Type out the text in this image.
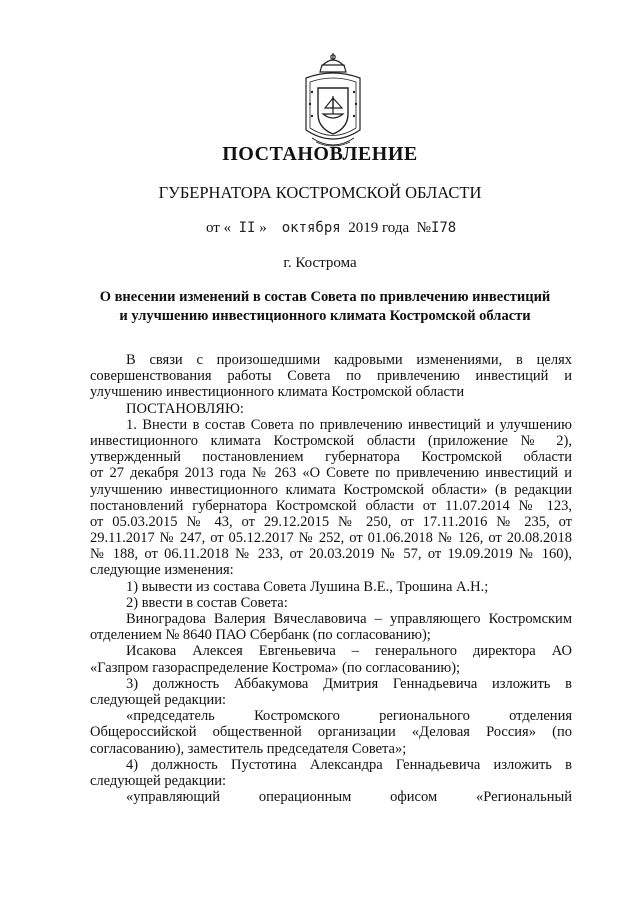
ПОСТАНОВЛЕНИЕ
ГУБЕРНАТОРА КОСТРОМСКОЙ ОБЛАСТИ
от « II » октября 2019 года №I78
г. Кострома
О внесении изменений в состав Совета по привлечению инвестиций
и улучшению инвестиционного климата Костромской области
В связи с произошедшими кадровыми изменениями, в целях
совершенствования работы Совета по привлечению инвестиций и
улучшению инвестиционного климата Костромской области
ПОСТАНОВЛЯЮ:
1. Внести в состав Совета по привлечению инвестиций и улучшению
инвестиционного климата Костромской области (приложение № 2),
утвержденный постановлением губернатора Костромской области
от 27 декабря 2013 года № 263 «О Совете по привлечению инвестиций и
улучшению инвестиционного климата Костромской области» (в редакции
постановлений губернатора Костромской области от 11.07.2014 № 123,
от 05.03.2015 № 43, от 29.12.2015 № 250, от 17.11.2016 № 235, от
29.11.2017 № 247, от 05.12.2017 № 252, от 01.06.2018 № 126, от 20.08.2018
№ 188, от 06.11.2018 № 233, от 20.03.2019 № 57, от 19.09.2019 № 160),
следующие изменения:
1) вывести из состава Совета Лушина В.Е., Трошина А.Н.;
2) ввести в состав Совета:
Виноградова Валерия Вячеславовича – управляющего Костромским
отделением № 8640 ПАО Сбербанк (по согласованию);
Исакова Алексея Евгеньевича – генерального директора АО
«Газпром газораспределение Кострома» (по согласованию);
3) должность Аббакумова Дмитрия Геннадьевича изложить в
следующей редакции:
«председатель Костромского регионального отделения
Общероссийской общественной организации «Деловая Россия» (по
согласованию), заместитель председателя Совета»;
4) должность Пустотина Александра Геннадьевича изложить в
следующей редакции:
«управляющий операционным офисом «Региональный
